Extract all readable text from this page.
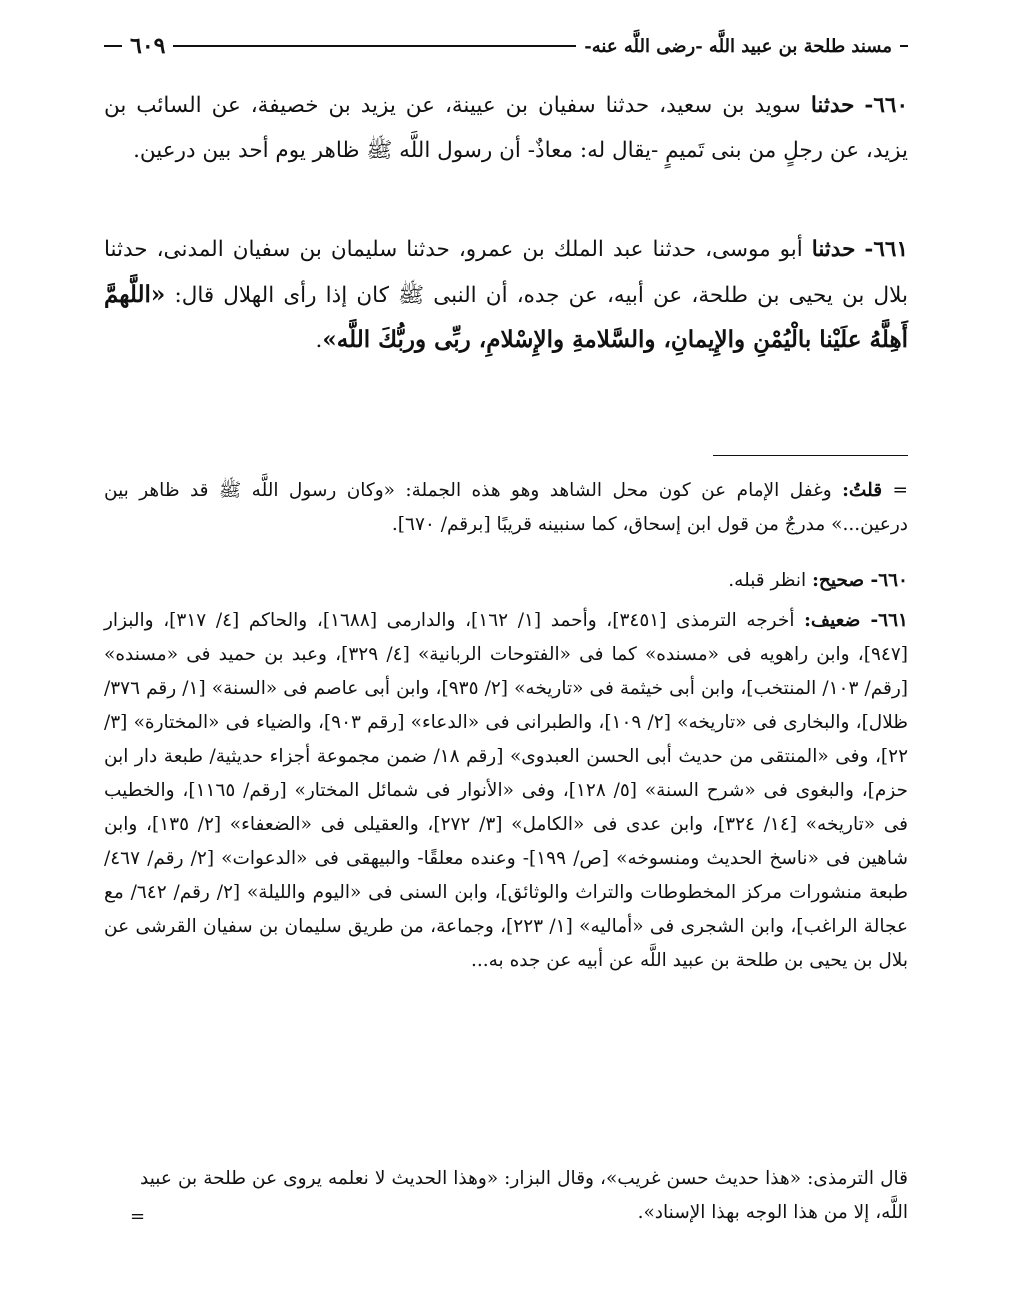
مسند طلحة بن عبيد اللَّه -رضى اللَّه عنه-
٦٠٩

٦٦٠- حدثنا سويد بن سعيد، حدثنا سفيان بن عيينة، عن يزيد بن خصيفة، عن السائب بن يزيد، عن رجلٍ من بنى تَميمٍ -يقال له: معاذٌ- أن رسول اللَّه ﷺ ظاهر يوم أحد بين درعين.

٦٦١- حدثنا أبو موسى، حدثنا عبد الملك بن عمرو، حدثنا سليمان بن سفيان المدنى، حدثنا بلال بن يحيى بن طلحة، عن أبيه، عن جده، أن النبى ﷺ كان إذا رأى الهلال قال: «اللَّهمَّ أَهِلَّهُ علَيْنا بالْيُمْنِ والإِيمانِ، والسَّلامةِ والإِسْلامِ، ربِّى وربُّكَ اللَّه».

= قلتُ: وغفل الإمام عن كون محل الشاهد وهو هذه الجملة: «وكان رسول اللَّه ﷺ قد ظاهر بين درعين...» مدرجٌ من قول ابن إسحاق، كما سنبينه قريبًا [برقم/ ٦٧٠].

٦٦٠- صحيح: انظر قبله.

٦٦١- ضعيف: أخرجه الترمذى [٣٤٥١]، وأحمد [١/ ١٦٢]، والدارمى [١٦٨٨]، والحاكم [٤/ ٣١٧]، والبزار [٩٤٧]، وابن راهويه فى «مسنده» كما فى «الفتوحات الربانية» [٤/ ٣٢٩]، وعبد بن حميد فى «مسنده» [رقم/ ١٠٣/ المنتخب]، وابن أبى خيثمة فى «تاريخه» [٢/ ٩٣٥]، وابن أبى عاصم فى «السنة» [١/ رقم ٣٧٦/ ظلال]، والبخارى فى «تاريخه» [٢/ ١٠٩]، والطبرانى فى «الدعاء» [رقم ٩٠٣]، والضياء فى «المختارة» [٣/ ٢٢]، وفى «المنتقى من حديث أبى الحسن العبدوى» [رقم ١٨/ ضمن مجموعة أجزاء حديثية/ طبعة دار ابن حزم]، والبغوى فى «شرح السنة» [٥/ ١٢٨]، وفى «الأنوار فى شمائل المختار» [رقم/ ١١٦٥]، والخطيب فى «تاريخه» [١٤/ ٣٢٤]، وابن عدى فى «الكامل» [٣/ ٢٧٢]، والعقيلى فى «الضعفاء» [٢/ ١٣٥]، وابن شاهين فى «ناسخ الحديث ومنسوخه» [ص/ ١٩٩]- وعنده معلقًا- والبيهقى فى «الدعوات» [٢/ رقم/ ٤٦٧/ طبعة منشورات مركز المخطوطات والتراث والوثائق]، وابن السنى فى «اليوم والليلة» [٢/ رقم/ ٦٤٢/ مع عجالة الراغب]، وابن الشجرى فى «أماليه» [١/ ٢٢٣]، وجماعة، من طريق سليمان بن سفيان القرشى عن بلال بن يحيى بن طلحة بن عبيد اللَّه عن أبيه عن جده به...

قال الترمذى: «هذا حديث حسن غريب»، وقال البزار: «وهذا الحديث لا نعلمه يروى عن طلحة بن عبيد اللَّه، إلا من هذا الوجه بهذا الإسناد».

=
